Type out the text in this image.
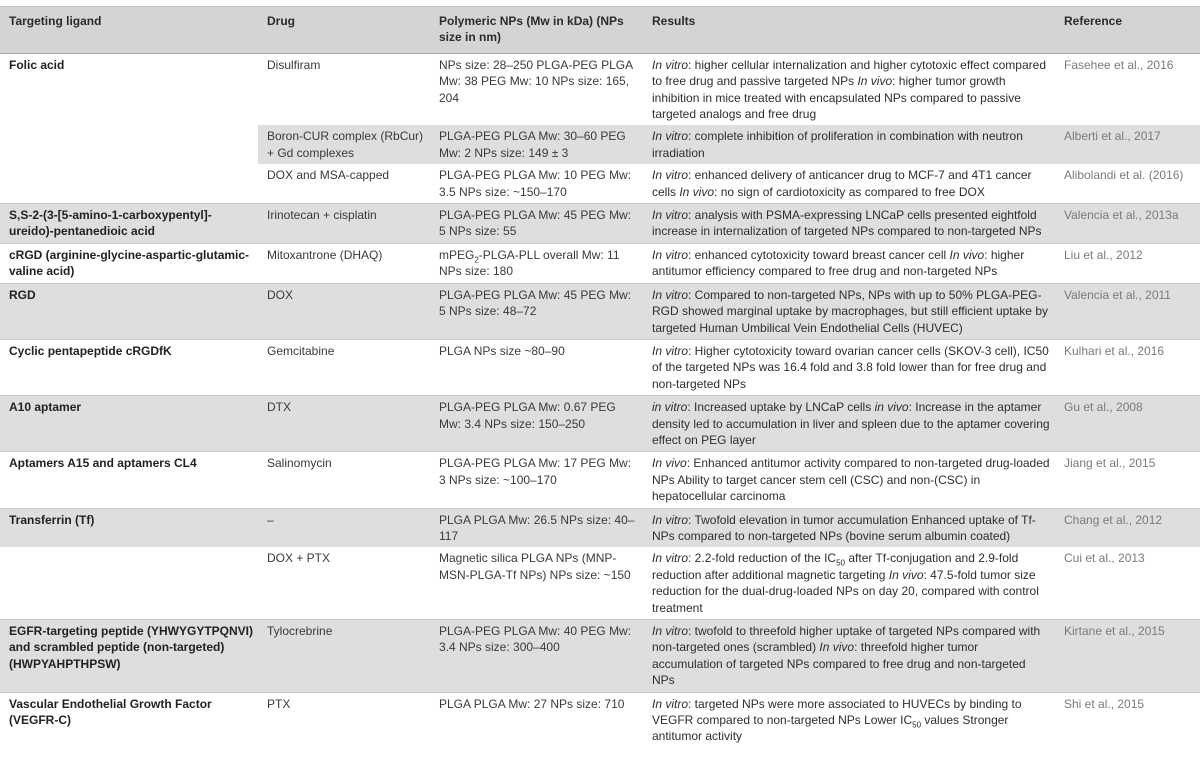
Targeting ligand	Drug	Polymeric NPs (Mw in kDa) (NPs size in nm)	Results	Reference
Folic acid	Disulfiram	NPs size: 28–250 PLGA-PEG PLGA Mw: 38 PEG Mw: 10 NPs size: 165, 204	In vitro: higher cellular internalization and higher cytotoxic effect compared to free drug and passive targeted NPs In vivo: higher tumor growth inhibition in mice treated with encapsulated NPs compared to passive targeted analogs and free drug	Fasehee et al., 2016
	Boron-CUR complex (RbCur) + Gd complexes	PLGA-PEG PLGA Mw: 30–60 PEG Mw: 2 NPs size: 149 ± 3	In vitro: complete inhibition of proliferation in combination with neutron irradiation	Alberti et al., 2017
	DOX and MSA-capped	PLGA-PEG PLGA Mw: 10 PEG Mw: 3.5 NPs size: ~150–170	In vitro: enhanced delivery of anticancer drug to MCF-7 and 4T1 cancer cells In vivo: no sign of cardiotoxicity as compared to free DOX	Alibolandi et al. (2016)
S,S-2-(3-[5-amino-1-carboxypentyl]-ureido)-pentanedioic acid	Irinotecan + cisplatin	PLGA-PEG PLGA Mw: 45 PEG Mw: 5 NPs size: 55	In vitro: analysis with PSMA-expressing LNCaP cells presented eightfold increase in internalization of targeted NPs compared to non-targeted NPs	Valencia et al., 2013a
cRGD (arginine-glycine-aspartic-glutamic-valine acid)	Mitoxantrone (DHAQ)	mPEG$_2$-PLGA-PLL overall Mw: 11 NPs size: 180	In vitro: enhanced cytotoxicity toward breast cancer cell In vivo: higher antitumor efficiency compared to free drug and non-targeted NPs	Liu et al., 2012
RGD	DOX	PLGA-PEG PLGA Mw: 45 PEG Mw: 5 NPs size: 48–72	In vitro: Compared to non-targeted NPs, NPs with up to 50% PLGA-PEG-RGD showed marginal uptake by macrophages, but still efficient uptake by targeted Human Umbilical Vein Endothelial Cells (HUVEC)	Valencia et al., 2011
Cyclic pentapeptide cRGDfK	Gemcitabine	PLGA NPs size ~80–90	In vitro: Higher cytotoxicity toward ovarian cancer cells (SKOV-3 cell), IC50 of the targeted NPs was 16.4 fold and 3.8 fold lower than for free drug and non-targeted NPs	Kulhari et al., 2016
A10 aptamer	DTX	PLGA-PEG PLGA Mw: 0.67 PEG Mw: 3.4 NPs size: 150–250	in vitro: Increased uptake by LNCaP cells in vivo: Increase in the aptamer density led to accumulation in liver and spleen due to the aptamer covering effect on PEG layer	Gu et al., 2008
Aptamers A15 and aptamers CL4	Salinomycin	PLGA-PEG PLGA Mw: 17 PEG Mw: 3 NPs size: ~100–170	In vivo: Enhanced antitumor activity compared to non-targeted drug-loaded NPs Ability to target cancer stem cell (CSC) and non-(CSC) in hepatocellular carcinoma	Jiang et al., 2015
Transferrin (Tf)	–	PLGA PLGA Mw: 26.5 NPs size: 40–117	In vitro: Twofold elevation in tumor accumulation Enhanced uptake of Tf-NPs compared to non-targeted NPs (bovine serum albumin coated)	Chang et al., 2012
	DOX + PTX	Magnetic silica PLGA NPs (MNP-MSN-PLGA-Tf NPs) NPs size: ~150	In vitro: 2.2-fold reduction of the $IC_{50}$ after Tf-conjugation and 2.9-fold reduction after additional magnetic targeting In vivo: 47.5-fold tumor size reduction for the dual-drug-loaded NPs on day 20, compared with control treatment	Cui et al., 2013
EGFR-targeting peptide (YHWYGYTPQNVI) and scrambled peptide (non-targeted) (HWPYAHPTHPSW)	Tylocrebrine	PLGA-PEG PLGA Mw: 40 PEG Mw: 3.4 NPs size: 300–400	In vitro: twofold to threefold higher uptake of targeted NPs compared with non-targeted ones (scrambled) In vivo: threefold higher tumor accumulation of targeted NPs compared to free drug and non-targeted NPs	Kirtane et al., 2015
Vascular Endothelial Growth Factor (VEGFR-C)	PTX	PLGA PLGA Mw: 27 NPs size: 710	In vitro: targeted NPs were more associated to HUVECs by binding to VEGFR compared to non-targeted NPs Lower $IC_{50}$ values Stronger antitumor activity	Shi et al., 2015
